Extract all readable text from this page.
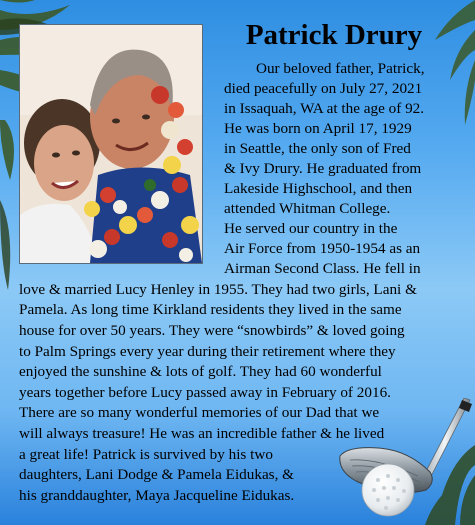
Patrick Drury
Our beloved father, Patrick,
died peacefully on July 27, 2021
in Issaquah, WA at the age of 92.
He was born on April 17, 1929
in Seattle, the only son of Fred
& Ivy Drury. He graduated from
Lakeside Highschool, and then
attended Whitman College.
He served our country in the
Air Force from 1950-1954 as an
Airman Second Class. He fell in
love & married Lucy Henley in 1955. They had two girls, Lani &
Pamela. As long time Kirkland residents they lived in the same
house for over 50 years. They were “snowbirds” & loved going
to Palm Springs every year during their retirement where they
enjoyed the sunshine & lots of golf. They had 60 wonderful
years together before Lucy passed away in February of 2016.
There are so many wonderful memories of our Dad that we
will always treasure! He was an incredible father & he lived
a great life! Patrick is survived by his two
daughters, Lani Dodge & Pamela Eidukas, &
his granddaughter, Maya Jacqueline Eidukas.
